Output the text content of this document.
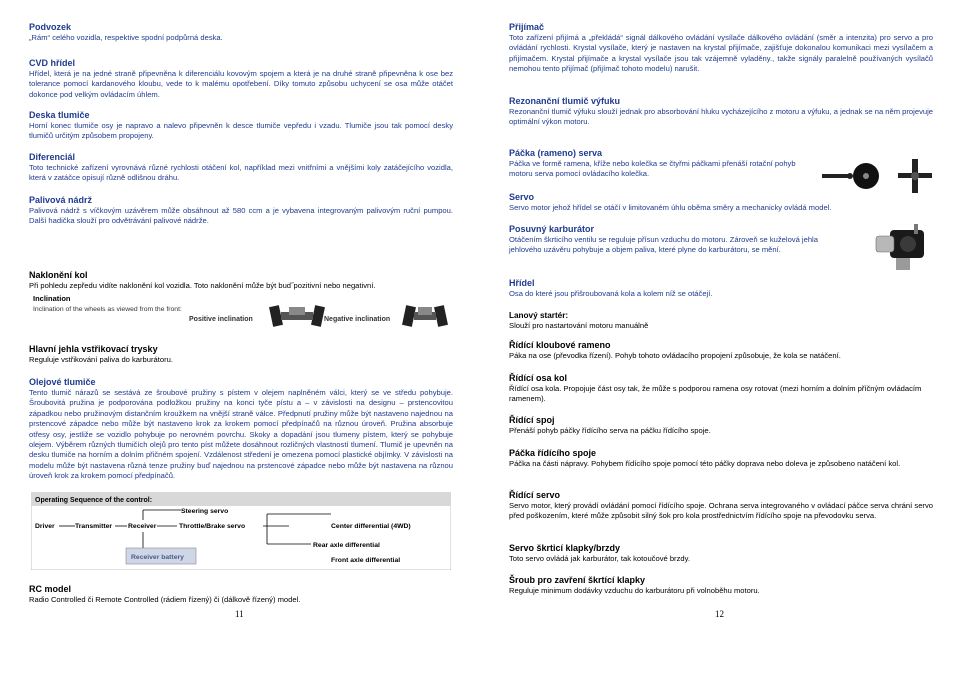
Podvozek
„Rám“ celého vozidla, respektive spodní podpůrná deska.
CVD hřídel
Hřídel, která je na jedné straně připevněna k diferenciálu kovovým spojem a která je na druhé straně připevněna k ose bez tolerance pomocí kardanového kloubu, vede to k malému opotřebení. Díky tomuto způsobu uchycení se osa může otáčet dokonce pod velkým ovládacím úhlem.
Deska tlumiče
Horní konec tlumiče osy je napravo a nalevo připevněn k desce tlumiče vepředu i vzadu. Tlumiče jsou tak pomocí desky tlumičů určitým způsobem propojeny.
Diferenciál
Toto technické zařízení vyrovnává různé rychlosti otáčení kol, například mezi vnitřními a vnějšími koly zatáčejícího vozidla, která v zatáčce opisují různě odlišnou dráhu.
Palivová nádrž
Palivová nádrž s víčkovým uzávěrem může obsáhnout až 580 ccm a je vybavena integrovaným palivovým ruční pumpou. Další hadička slouží pro odvětrávání palivové nádrže.
Naklonění kol
Při pohledu zepředu vidíte naklonění kol vozidla. Toto naklonění může být bud˝pozitivní nebo negativní.
Inclination
Inclination of the wheels as viewed from the front:
Positive inclination	Negative inclination
Hlavní jehla vstřikovací trysky
Reguluje vstřikování paliva do karburátoru.
Olejové tlumiče
Tento tlumič nárazů se sestává ze šroubové pružiny s pístem v olejem naplněném válci, který se ve středu pohybuje. Šroubovitá pružina je podporována podložkou pružiny na konci tyče pístu a – v závislosti na designu – prstencovitou západkou nebo pružinovým distančním kroužkem na vnější straně válce. Předpnutí pružiny může být nastaveno najednou na prstencové západce nebo může být nastaveno krok za krokem pomocí předpínačů na různou úroveň. Pružina absorbuje otřesy osy, jestliže se vozidlo pohybuje po nerovném povrchu. Skoky a dopadání jsou tlumeny pístem, který se pohybuje olejem. Výběrem různých tlumičích olejů pro tento píst můžete dosáhnout rozličných vlastností tlumení. Tlumič je upevněn na desku tlumiče na horním a dolním přičném spojení. Vzdálenost středení je omezena pomocí plastické objímky. V závislosti na modelu může být nastavena různá tenze pružiny buď najednou na prstencové západce nebo může být nastavena na různou úroveň krok za krokem pomocí předpínačů.
Operating Sequence of the control:
Steering servo
Driver	Transmitter Receiver	Throttle/Brake servo	Center differential (4WD)
Rear axle differential
Front axle differential
Receiver battery
RC model
Radio Controlled či Remote Controlled (rádiem řízený) či (dálkově řízený) model.
11
Přijímač
Toto zařízení přijímá a „překládá“ signál dálkového ovládání vysílače dálkového ovládání (směr a intenzita) pro servo a pro ovládání rychlosti. Krystal vysílače, který je nastaven na krystal přijímače, zajišťuje dokonalou komunikaci mezi vysílačem a přijímačem. Krystal přijímače a krystal vysílače jsou tak vzájemně vyladěny., takže signály paralelně používaných vysílačů nemohou tento přijímač (přijímač tohoto modelu) narušit.
Rezonanční tlumič výfuku
Rezonanční tlumič výfuku slouží jednak pro absorbování hluku vycházejícího z motoru a výfuku, a jednak se na něm projevuje optimální výkon motoru.
Páčka (rameno) serva
Páčka ve formě ramena, kříže nebo kolečka se čtyřmi páčkami přenáší rotační pohyb motoru serva pomocí ovládacího kolečka.
Servo
Servo motor jehož hřídel se otáčí v limitovaném úhlu oběma směry a mechanicky ovládá model.
Posuvný karburátor
Otáčením škrticího ventilu se reguluje přísun vzduchu do motoru. Zároveň se kuželová jehla jehlového uzávěru pohybuje a objem paliva, které plyne do karburátoru, se mění.
Hřídel
Osa do které jsou přišroubovaná kola a kolem níž se otáčejí.
Lanový startér:
Slouží pro nastartování motoru manuálně
Řídící kloubové rameno
Páka na ose (převodka řízení). Pohyb tohoto ovládacího propojení způsobuje, že kola se natáčení.
Řídící osa kol
Řídící osa kola. Propojuje část osy tak, že může s podporou ramena osy rotovat (mezi horním a dolním příčným ovládacím ramenem).
Řídící spoj
Přenáší pohyb páčky řídícího serva na páčku řídícího spoje.
Páčka řídícího spoje
Páčka na části nápravy. Pohybem řídícího spoje pomocí této páčky doprava nebo doleva je způsobeno natáčení kol.
Řídící servo
Servo motor, který provádí ovládání pomocí řídícího spoje. Ochrana serva integrovaného v ovládací páčce serva chrání servo před poškozením, které může způsobit silný šok pro kola prostřednictvím řídícího spoje na převodovku serva.
Servo škrticí klapky/brzdy
Toto servo ovládá jak karburátor, tak kotoučové brzdy.
Šroub pro zavření škrtící klapky
Reguluje minimum dodávky vzduchu do karburátoru při volnoběhu motoru.
12
